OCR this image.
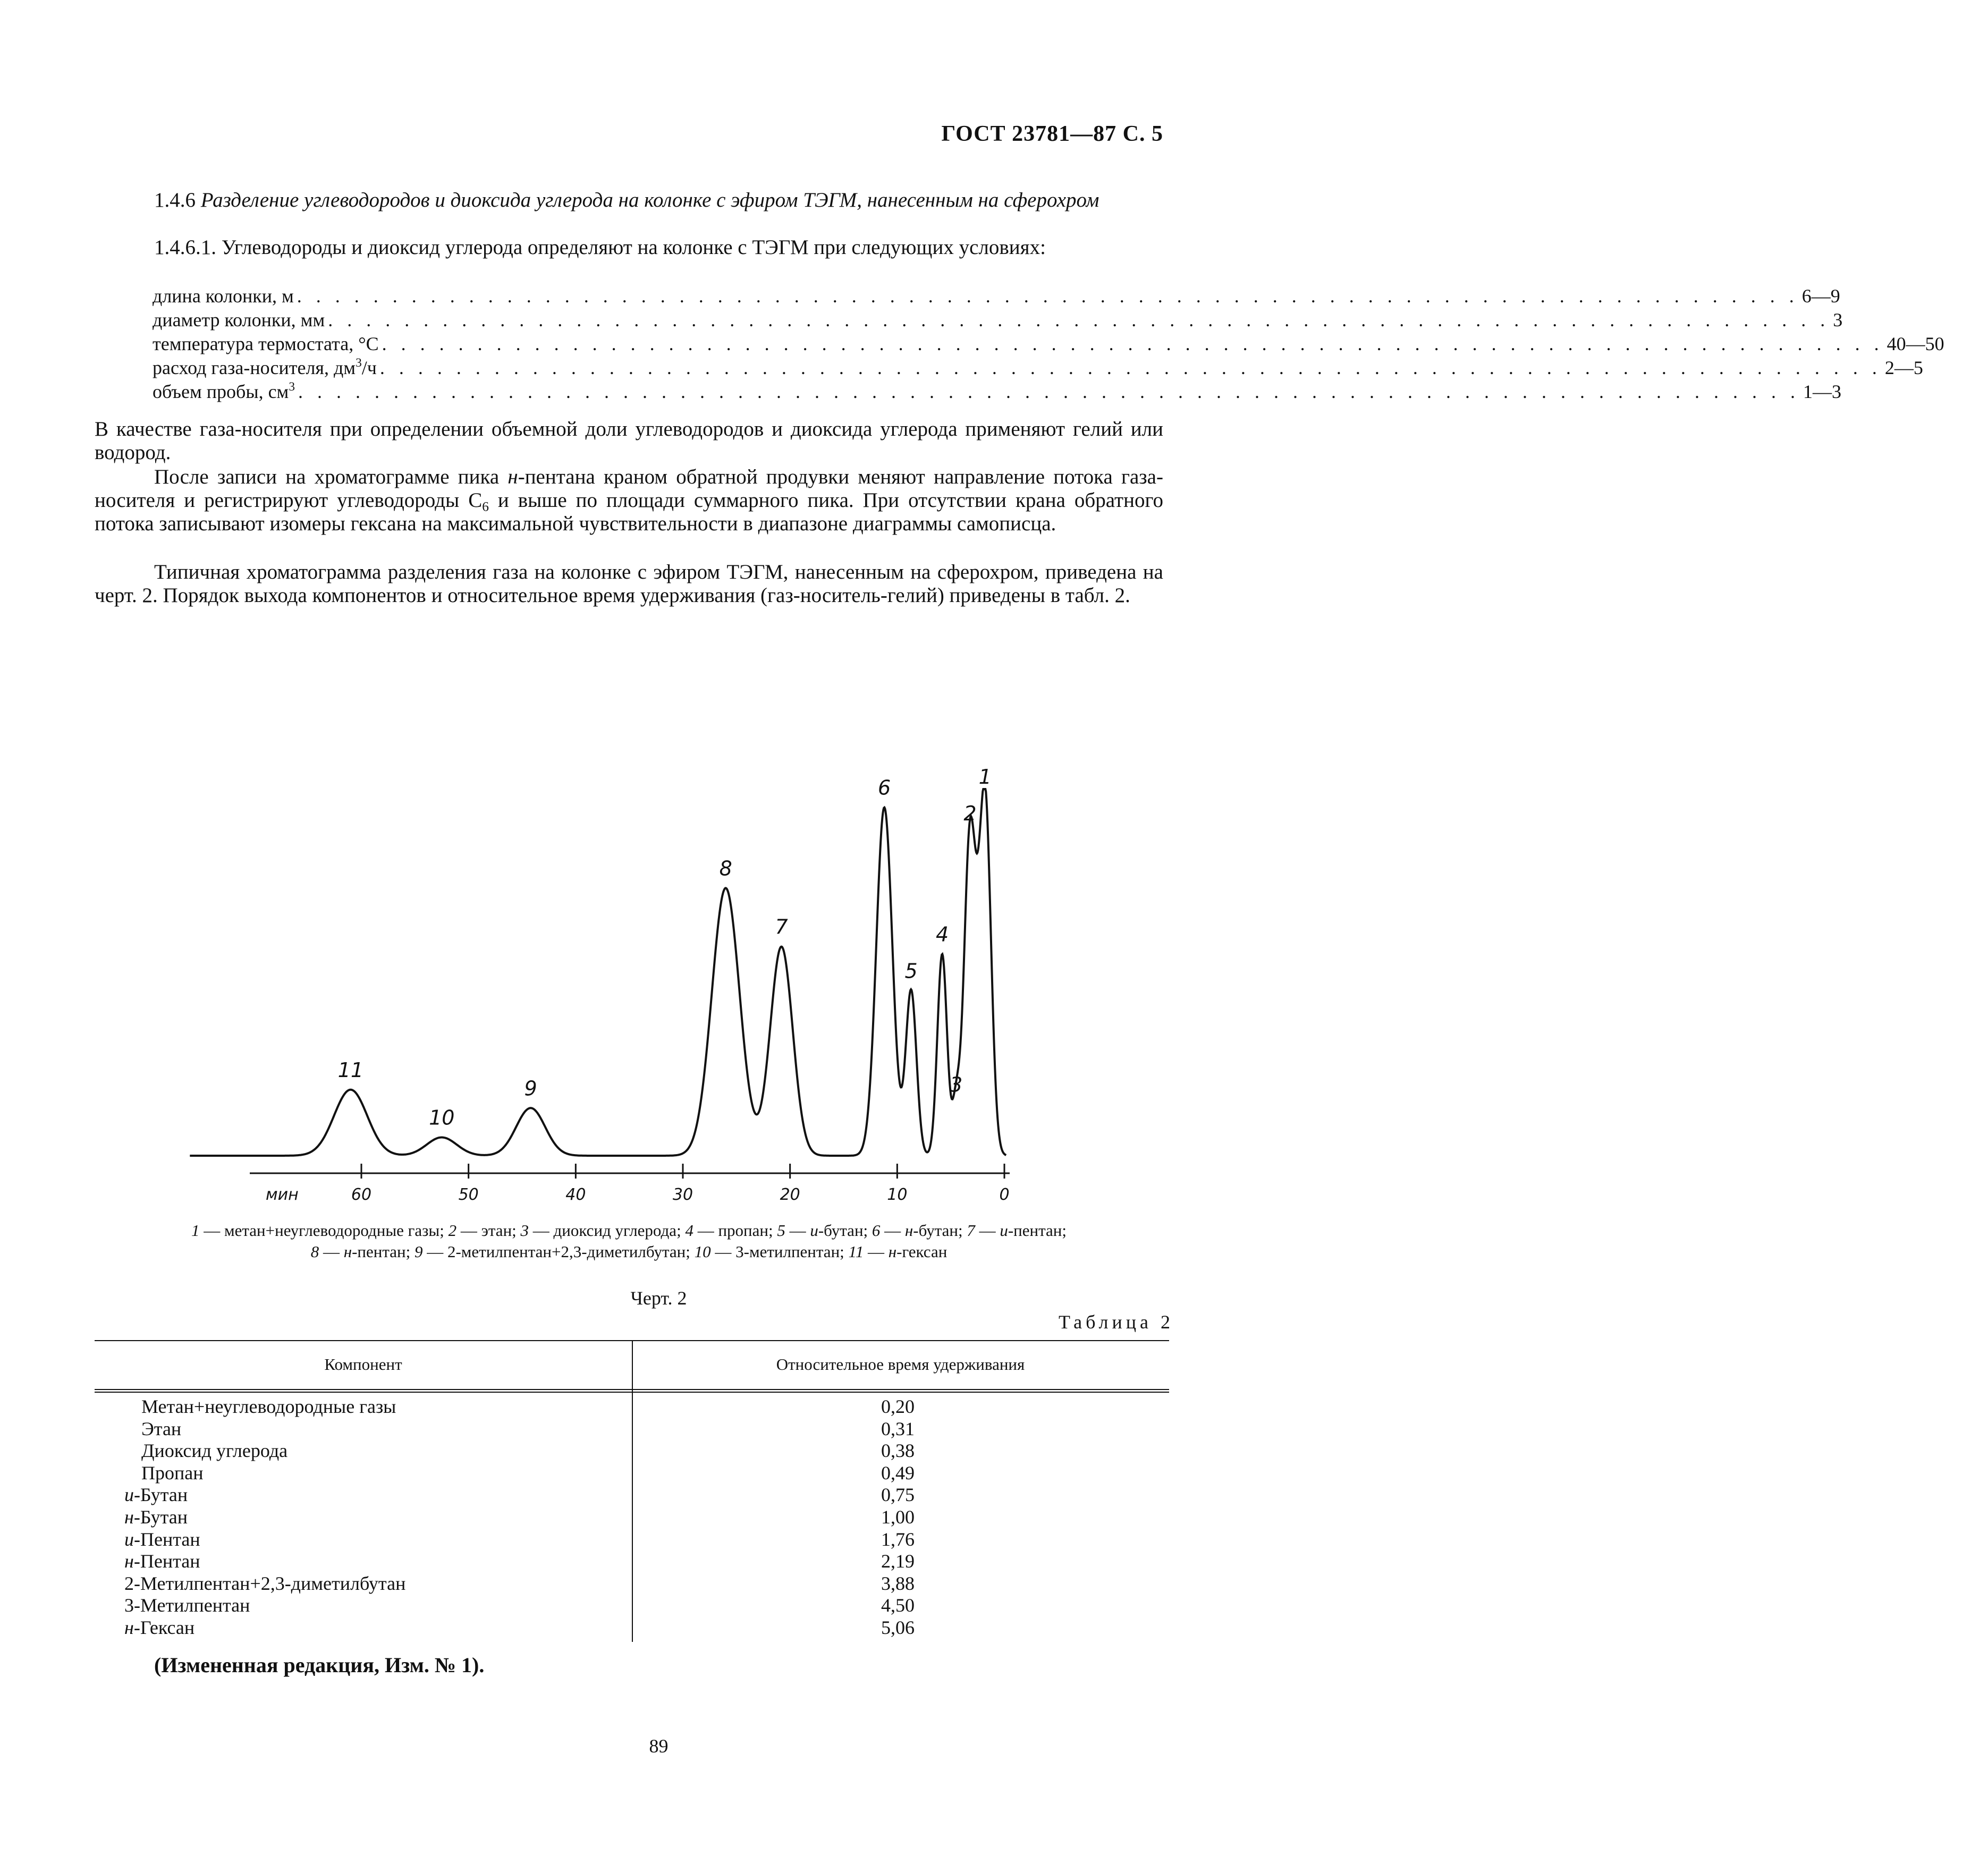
ГОСТ 23781—87 С. 5
1.4.6 Разделение углеводородов и диоксида углерода на колонке с эфиром ТЭГМ, нанесенным на сферохром
1.4.6.1. Углеводороды и диоксид углерода определяют на колонке с ТЭГМ при следующих условиях:
длина колонки, м . . . . . . . . . . . . . . . . . . . . . . . . . . . . . . . . . . . . . . . . . . . . . . . . . . . . . . . . . . . . . . . . . . . . . . . . . . . . . . . 6—9
диаметр колонки, мм . . . . . . . . . . . . . . . . . . . . . . . . . . . . . . . . . . . . . . . . . . . . . . . . . . . . . . . . . . . . . . . . . . . . . . . . . . . . . . . 3
температура термостата, °С . . . . . . . . . . . . . . . . . . . . . . . . . . . . . . . . . . . . . . . . . . . . . . . . . . . . . . . . . . . . . . . . . . . . . . . . . . . . . . . 40—50
расход газа-носителя, $дм^3/ч$ . . . . . . . . . . . . . . . . . . . . . . . . . . . . . . . . . . . . . . . . . . . . . . . . . . . . . . . . . . . . . . . . . . . . . . . . . . . . . . . 2—5
объем пробы, $см^3$ . . . . . . . . . . . . . . . . . . . . . . . . . . . . . . . . . . . . . . . . . . . . . . . . . . . . . . . . . . . . . . . . . . . . . . . . . . . . . . . 1—3
В качестве газа-носителя при определении объемной доли углеводородов и диоксида углерода применяют гелий или водород.
После записи на хроматограмме пика н-пентана краном обратной продувки меняют направление потока газа-носителя и регистрируют углеводороды $С_6$ и выше по площади суммарного пика. При отсутствии крана обратного потока записывают изомеры гексана на максимальной чувствительности в диапазоне диаграммы самописца.
Типичная хроматограмма разделения газа на колонке с эфиром ТЭГМ, нанесенным на сферохром, приведена на черт. 2. Порядок выхода компонентов и относительное время удерживания (газ-носитель-гелий) приведены в табл. 2.
1
2
3
4
5
6
7
8
9
10
11
60	50	40	30	20	10	0
мин
1 — метан+неуглеводородные газы; 2 — этан; 3 — диоксид углерода; 4 — пропан; 5 — и-бутан; 6 — н-бутан; 7 — и-пентан;
8 — н-пентан; 9 — 2-метилпентан+2,3-диметилбутан; 10 — 3-метилпентан; 11 — н-гексан
Черт. 2
Таблица 2
Компонент	Относительное время удерживания
Метан+неуглеводородные газы	0,20
Этан	0,31
Диоксид углерода	0,38
Пропан	0,49
и-Бутан	0,75
н-Бутан	1,00
и-Пентан	1,76
н-Пентан	2,19
2-Метилпентан+2,3-диметилбутан	3,88
3-Метилпентан	4,50
н-Гексан	5,06
(Измененная редакция, Изм. № 1).
89
